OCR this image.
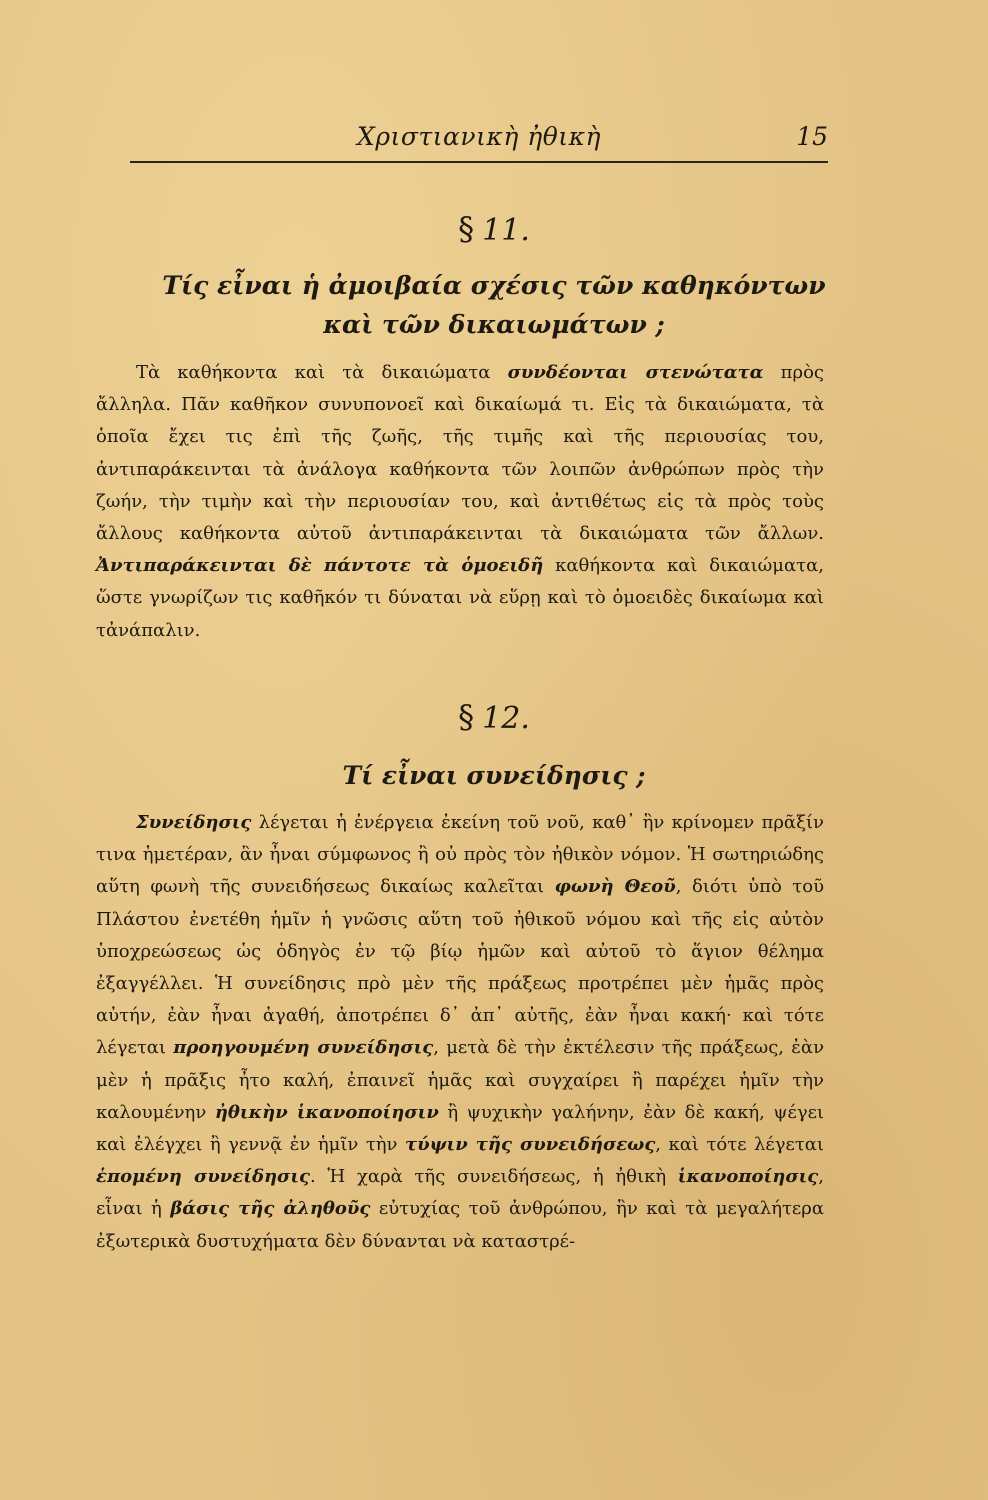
Χριστιανικὴ ἠθικὴ	15
§ 11.
Τίς εἶναι ἡ ἀμοιβαία σχέσις τῶν καθηκόντων
καὶ τῶν δικαιωμάτων ;

Τὰ καθήκοντα καὶ τὰ δικαιώματα συνδέονται στενώτατα πρὸς ἄλληλα. Πᾶν καθῆκον συνυπονοεῖ καὶ δικαίωμά τι. Εἰς τὰ δικαιώματα, τὰ ὁποῖα ἔχει τις ἐπὶ τῆς ζωῆς, τῆς τιμῆς καὶ τῆς περιουσίας του, ἀντιπαράκεινται τὰ ἀνάλογα καθήκοντα τῶν λοιπῶν ἀνθρώπων πρὸς τὴν ζωήν, τὴν τιμὴν καὶ τὴν περιουσίαν του, καὶ ἀντιθέτως εἰς τὰ πρὸς τοὺς ἄλλους καθήκοντα αὐτοῦ ἀντιπαράκεινται τὰ δικαιώματα τῶν ἄλλων. Ἀντιπαράκεινται δὲ πάντοτε τὰ ὁμοειδῆ καθήκοντα καὶ δικαιώματα, ὥστε γνωρίζων τις καθῆκόν τι δύναται νὰ εὕρῃ καὶ τὸ ὁμοειδὲς δικαίωμα καὶ τἀνάπαλιν.

§ 12.
Τί εἶναι συνείδησις ;

Συνείδησις λέγεται ἡ ἐνέργεια ἐκείνη τοῦ νοῦ, καθ᾿ ἣν κρίνομεν πρᾶξίν τινα ἡμετέραν, ἂν ἦναι σύμφωνος ἢ οὐ πρὸς τὸν ἠθικὸν νόμον. Ἡ σωτηριώδης αὕτη φωνὴ τῆς συνειδήσεως δικαίως καλεῖται φωνὴ Θεοῦ, διότι ὑπὸ τοῦ Πλάστου ἐνετέθη ἡμῖν ἡ γνῶσις αὕτη τοῦ ἠθικοῦ νόμου καὶ τῆς εἰς αὐτὸν ὑποχρεώσεως ὡς ὁδηγὸς ἐν τῷ βίῳ ἡμῶν καὶ αὐτοῦ τὸ ἅγιον θέλημα ἐξαγγέλλει. Ἡ συνείδησις πρὸ μὲν τῆς πράξεως προτρέπει μὲν ἡμᾶς πρὸς αὐτήν, ἐὰν ἦναι ἀγαθή, ἀποτρέπει δ᾿ ἀπ᾿ αὐτῆς, ἐὰν ἦναι κακή· καὶ τότε λέγεται προηγουμένη συνείδησις, μετὰ δὲ τὴν ἐκτέλεσιν τῆς πράξεως, ἐὰν μὲν ἡ πρᾶξις ἦτο καλή, ἐπαινεῖ ἡμᾶς καὶ συγχαίρει ἢ παρέχει ἡμῖν τὴν καλουμένην ἠθικὴν ἱκανοποίησιν ἢ ψυχικὴν γαλήνην, ἐὰν δὲ κακή, ψέγει καὶ ἐλέγχει ἢ γεννᾷ ἐν ἡμῖν τὴν τύψιν τῆς συνειδήσεως, καὶ τότε λέγεται ἑπομένη συνείδησις. Ἡ χαρὰ τῆς συνειδήσεως, ἡ ἠθικὴ ἱκανοποίησις, εἶναι ἡ βάσις τῆς ἀληθοῦς εὐτυχίας τοῦ ἀνθρώπου, ἣν καὶ τὰ μεγαλήτερα ἐξωτερικὰ δυστυχήματα δὲν δύνανται νὰ καταστρέ-
